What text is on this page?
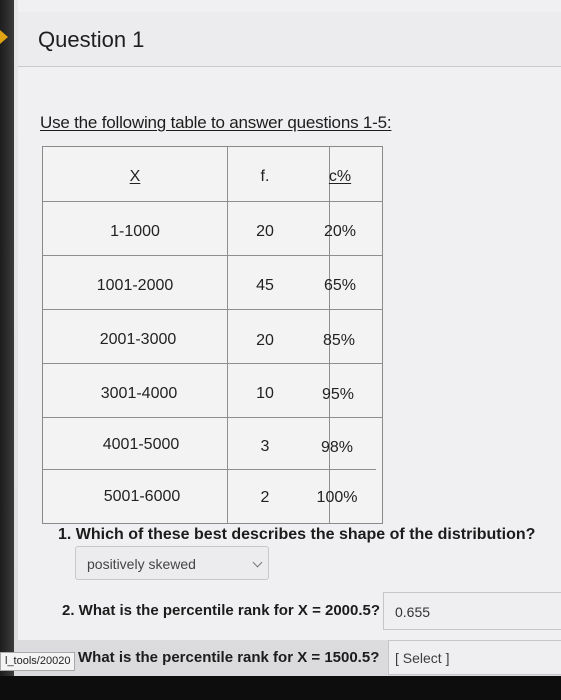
Question 1
Use the following table to answer questions 1-5:
X	f.	c%
1-1000	20	20%
1001-2000	45	65%
2001-3000	20	85%
3001-4000	10	95%
4001-5000	3	98%
5001-6000	2	100%
1. Which of these best describes the shape of the distribution?
positively skewed
2. What is the percentile rank for X = 2000.5? 0.655
What is the percentile rank for X = 1500.5? [ Select ]
l_tools/20020
